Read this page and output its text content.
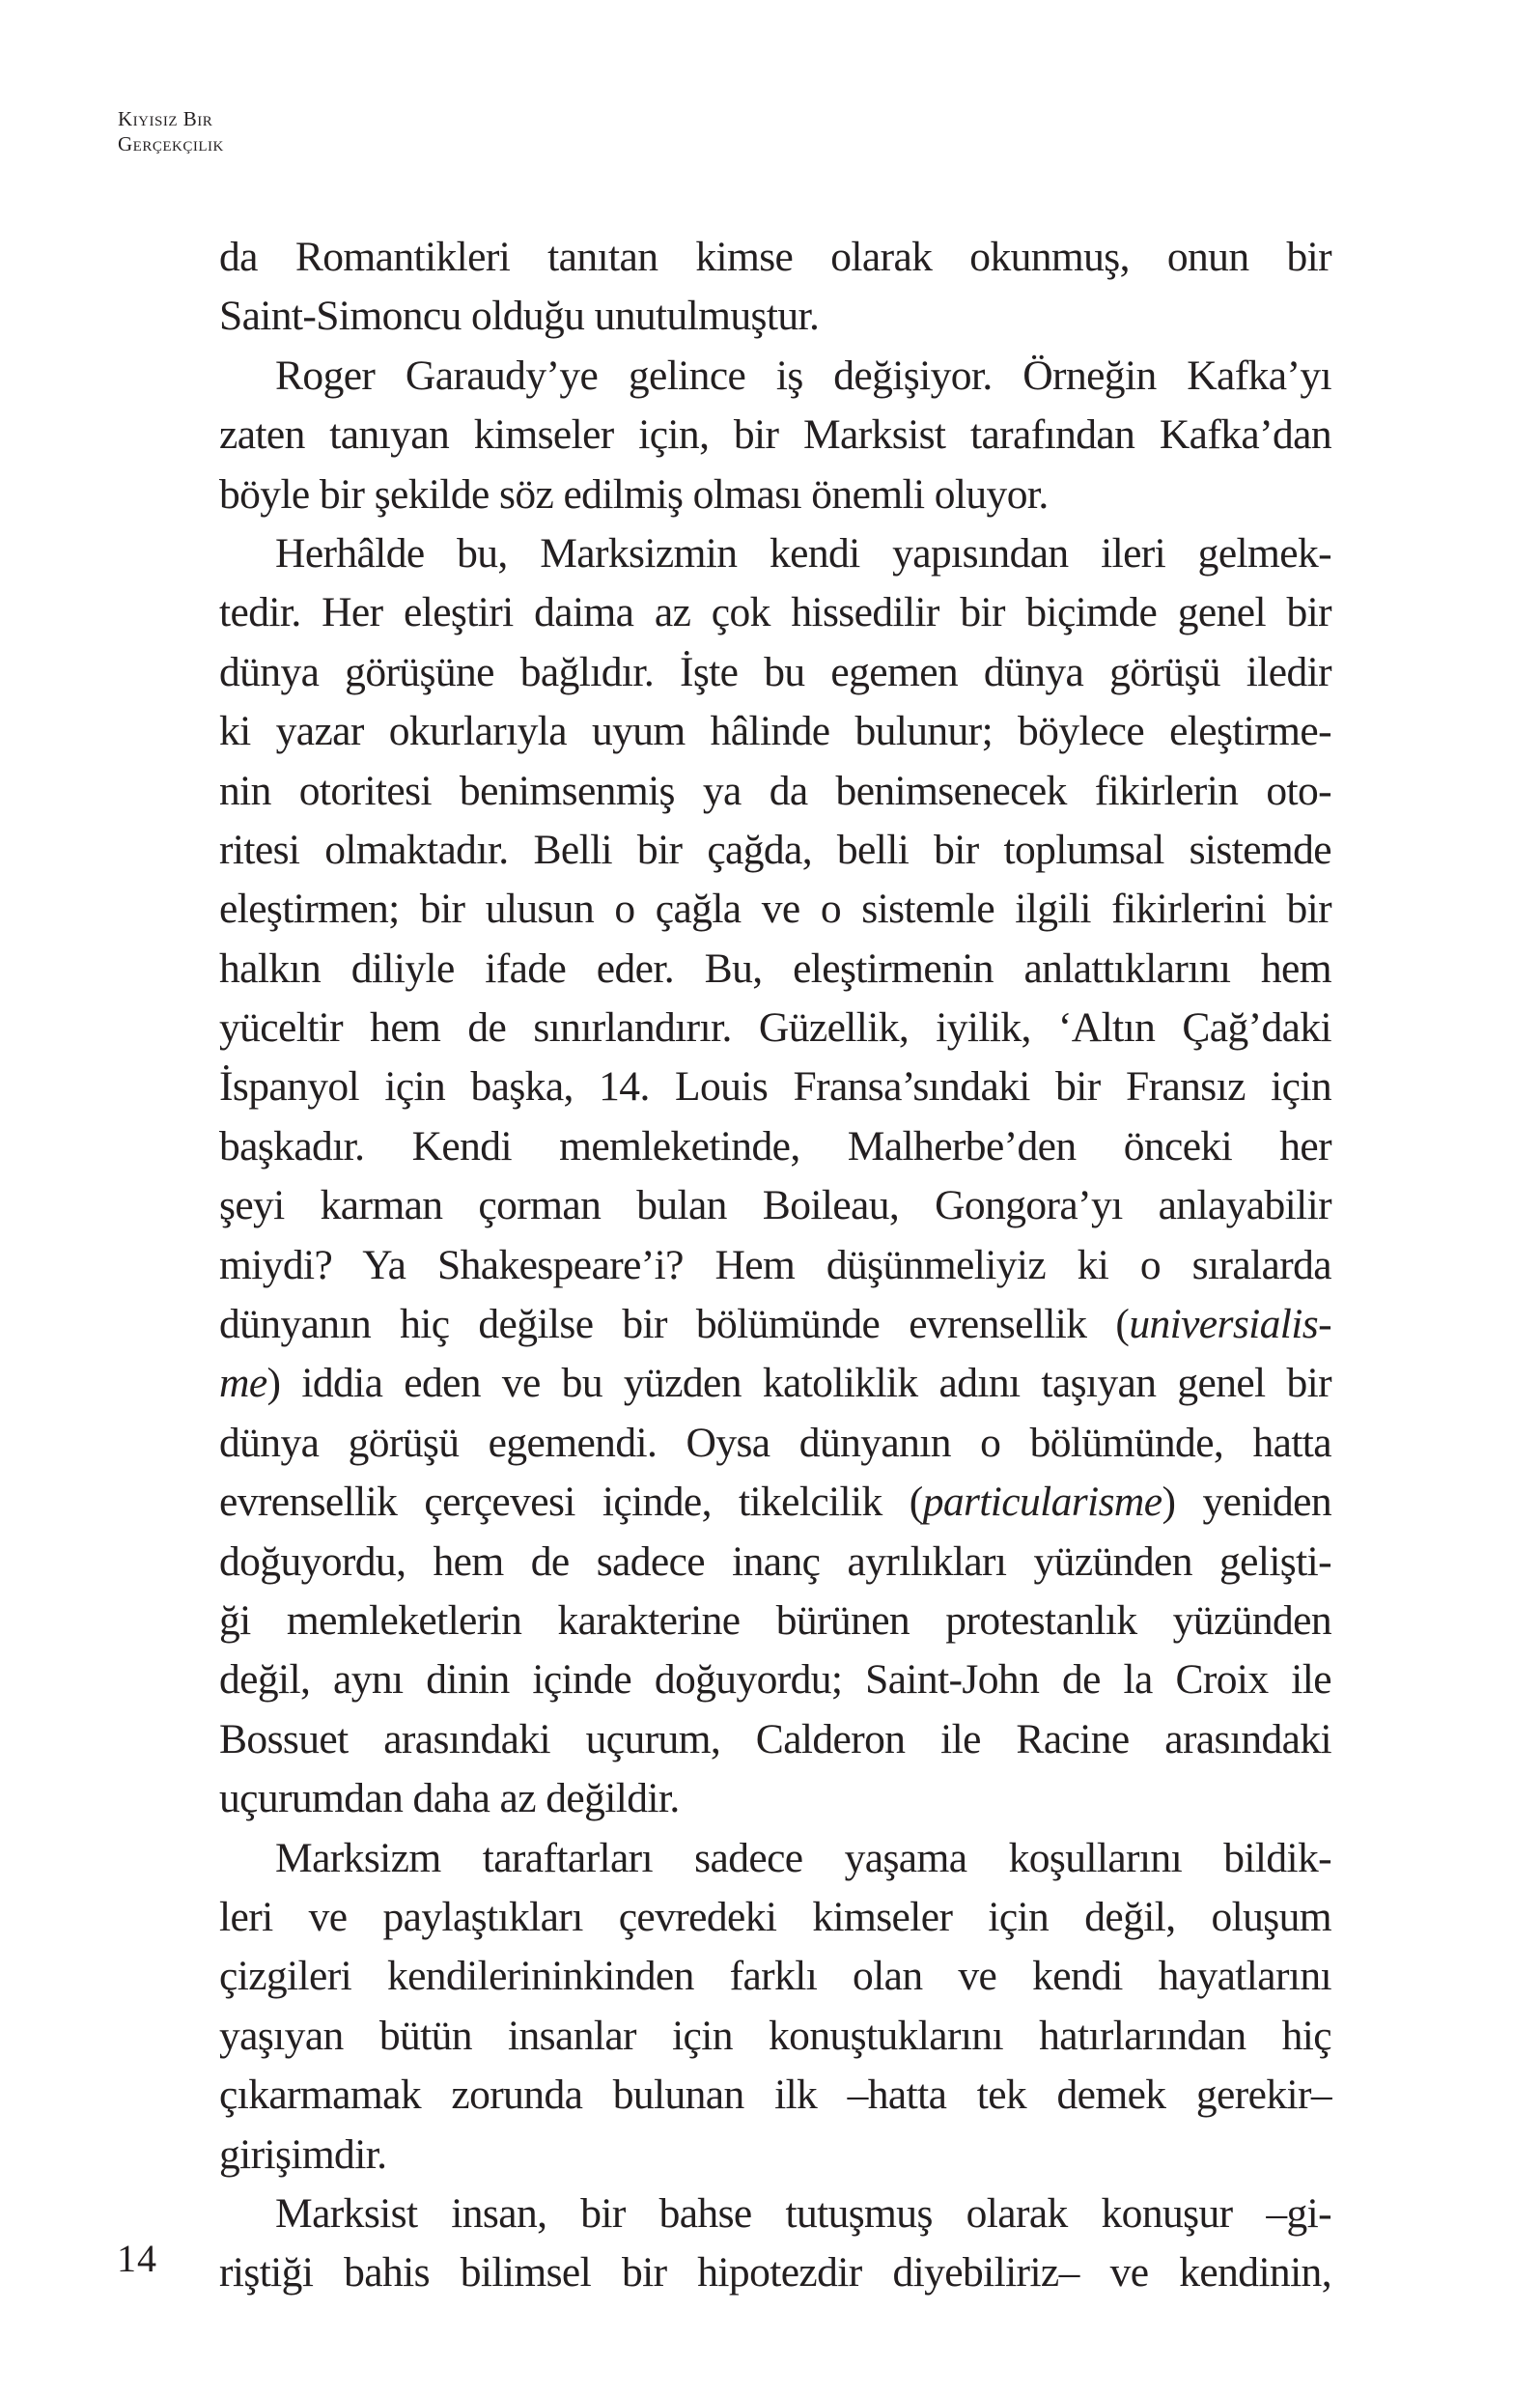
Kıyısız Bir
Gerçekçilik

da Romantikleri tanıtan kimse olarak okunmuş, onun bir
Saint-Simoncu olduğu unutulmuştur.

Roger Garaudy’ye gelince iş değişiyor. Örneğin Kafka’yı
zaten tanıyan kimseler için, bir Marksist tarafından Kafka’dan
böyle bir şekilde söz edilmiş olması önemli oluyor.

Herhâlde bu, Marksizmin kendi yapısından ileri gelmek-
tedir. Her eleştiri daima az çok hissedilir bir biçimde genel bir
dünya görüşüne bağlıdır. İşte bu egemen dünya görüşü iledir
ki yazar okurlarıyla uyum hâlinde bulunur; böylece eleştirme-
nin otoritesi benimsenmiş ya da benimsenecek fikirlerin oto-
ritesi olmaktadır. Belli bir çağda, belli bir toplumsal sistemde
eleştirmen; bir ulusun o çağla ve o sistemle ilgili fikirlerini bir
halkın diliyle ifade eder. Bu, eleştirmenin anlattıklarını hem
yüceltir hem de sınırlandırır. Güzellik, iyilik, ‘Altın Çağ’daki
İspanyol için başka, 14. Louis Fransa’sındaki bir Fransız için
başkadır. Kendi memleketinde, Malherbe’den önceki her
şeyi karman çorman bulan Boileau, Gongora’yı anlayabilir
miydi? Ya Shakespeare’i? Hem düşünmeliyiz ki o sıralarda
dünyanın hiç değilse bir bölümünde evrensellik (universialis-
me) iddia eden ve bu yüzden katoliklik adını taşıyan genel bir
dünya görüşü egemendi. Oysa dünyanın o bölümünde, hatta
evrensellik çerçevesi içinde, tikelcilik (particularisme) yeniden
doğuyordu, hem de sadece inanç ayrılıkları yüzünden gelişti-
ği memleketlerin karakterine bürünen protestanlık yüzünden
değil, aynı dinin içinde doğuyordu; Saint-John de la Croix ile
Bossuet arasındaki uçurum, Calderon ile Racine arasındaki
uçurumdan daha az değildir.

Marksizm taraftarları sadece yaşama koşullarını bildik-
leri ve paylaştıkları çevredeki kimseler için değil, oluşum
çizgileri kendilerininkinden farklı olan ve kendi hayatlarını
yaşıyan bütün insanlar için konuştuklarını hatırlarından hiç
çıkarmamak zorunda bulunan ilk –hatta tek demek gerekir–
girişimdir.

Marksist insan, bir bahse tutuşmuş olarak konuşur –gi-
riştiği bahis bilimsel bir hipotezdir diyebiliriz– ve kendinin,

14
